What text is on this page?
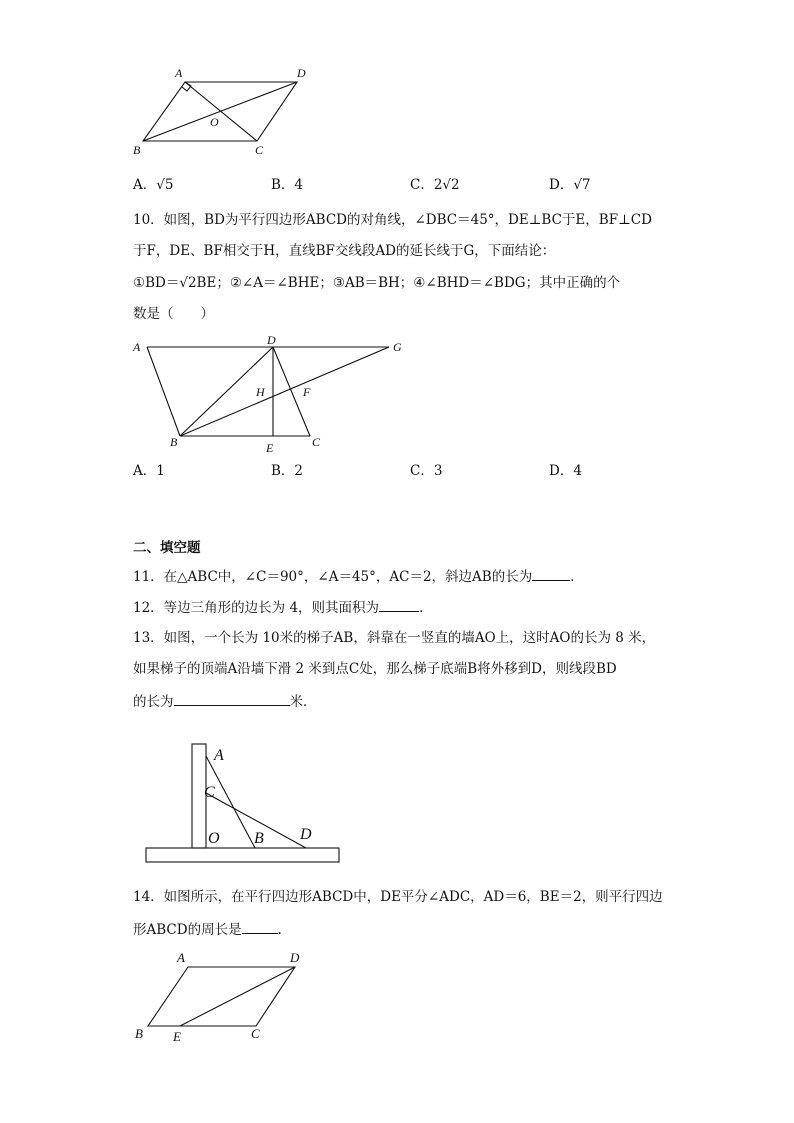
A	D
O
B	C
A．√5	B．4	C．2√2	D．√7
10．如图，BD为平行四边形ABCD的对角线，∠DBC＝45°，DE⊥BC于E，BF⊥CD
于F，DE、BF相交于H，直线BF交线段AD的延长线于G，下面结论：
①BD＝√2BE；②∠A＝∠BHE；③AB＝BH；④∠BHD＝∠BDG；其中正确的个
数是（　　）
A	D	G
H	F
B	E	C
A．1	B．2	C．3	D．4
二、填空题
11．在△ABC中，∠C＝90°，∠A＝45°，AC＝2，斜边AB的长为	．
12．等边三角形的边长为 4，则其面积为	．
13．如图，一个长为 10米的梯子AB，斜靠在一竖直的墙AO上，这时AO的长为 8 米，
如果梯子的顶端A沿墙下滑 2 米到点C处，那么梯子底端B将外移到D，则线段BD
的长为	米．
A
C
O B D
14．如图所示，在平行四边形ABCD中，DE平分∠ADC，AD＝6，BE＝2，则平行四边
形ABCD的周长是	．
A	D
B E	C
